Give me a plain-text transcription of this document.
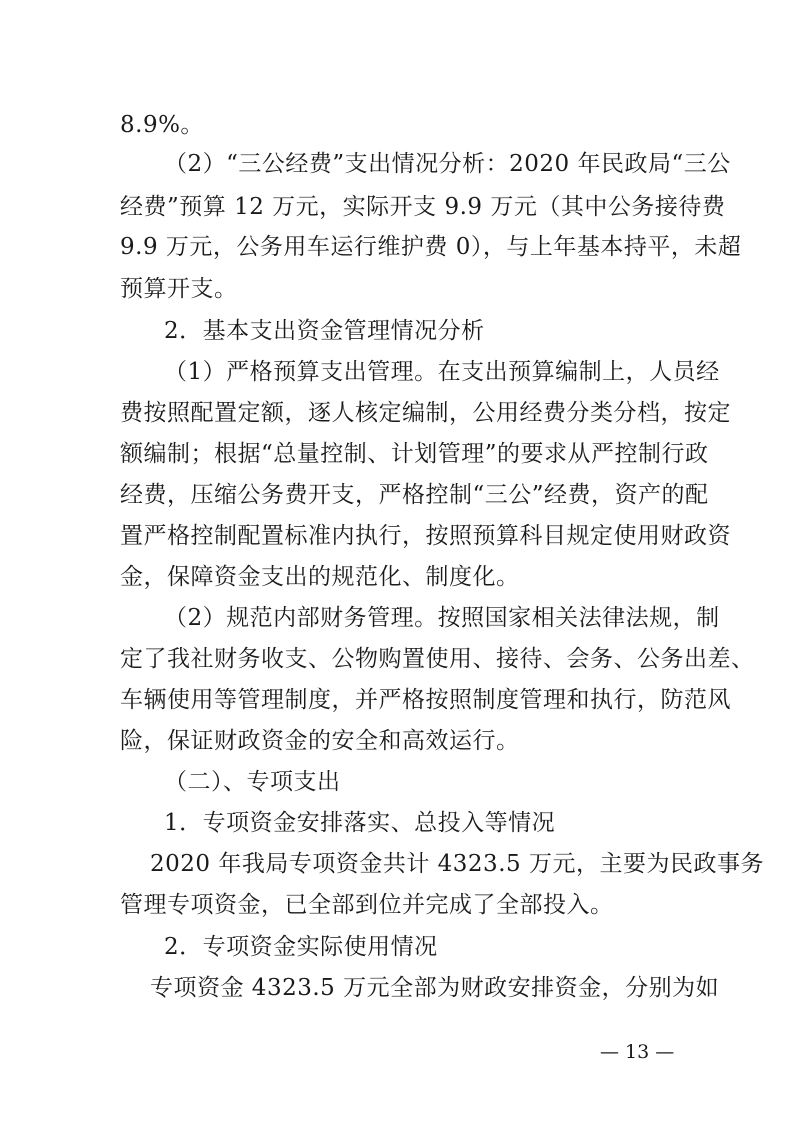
8.9%。
（2）“三公经费”支出情况分析：2020 年民政局“三公
经费”预算 12 万元，实际开支 9.9 万元（其中公务接待费
9.9 万元，公务用车运行维护费 0），与上年基本持平，未超
预算开支。
2．基本支出资金管理情况分析
（1）严格预算支出管理。在支出预算编制上，人员经
费按照配置定额，逐人核定编制，公用经费分类分档，按定
额编制；根据“总量控制、计划管理”的要求从严控制行政
经费，压缩公务费开支，严格控制“三公”经费，资产的配
置严格控制配置标准内执行，按照预算科目规定使用财政资
金，保障资金支出的规范化、制度化。
（2）规范内部财务管理。按照国家相关法律法规，制
定了我社财务收支、公物购置使用、接待、会务、公务出差、
车辆使用等管理制度，并严格按照制度管理和执行，防范风
险，保证财政资金的安全和高效运行。
（二）、专项支出
1．专项资金安排落实、总投入等情况
2020 年我局专项资金共计 4323.5 万元，主要为民政事务
管理专项资金，已全部到位并完成了全部投入。
2．专项资金实际使用情况
专项资金 4323.5 万元全部为财政安排资金，分别为如
— 13 —
